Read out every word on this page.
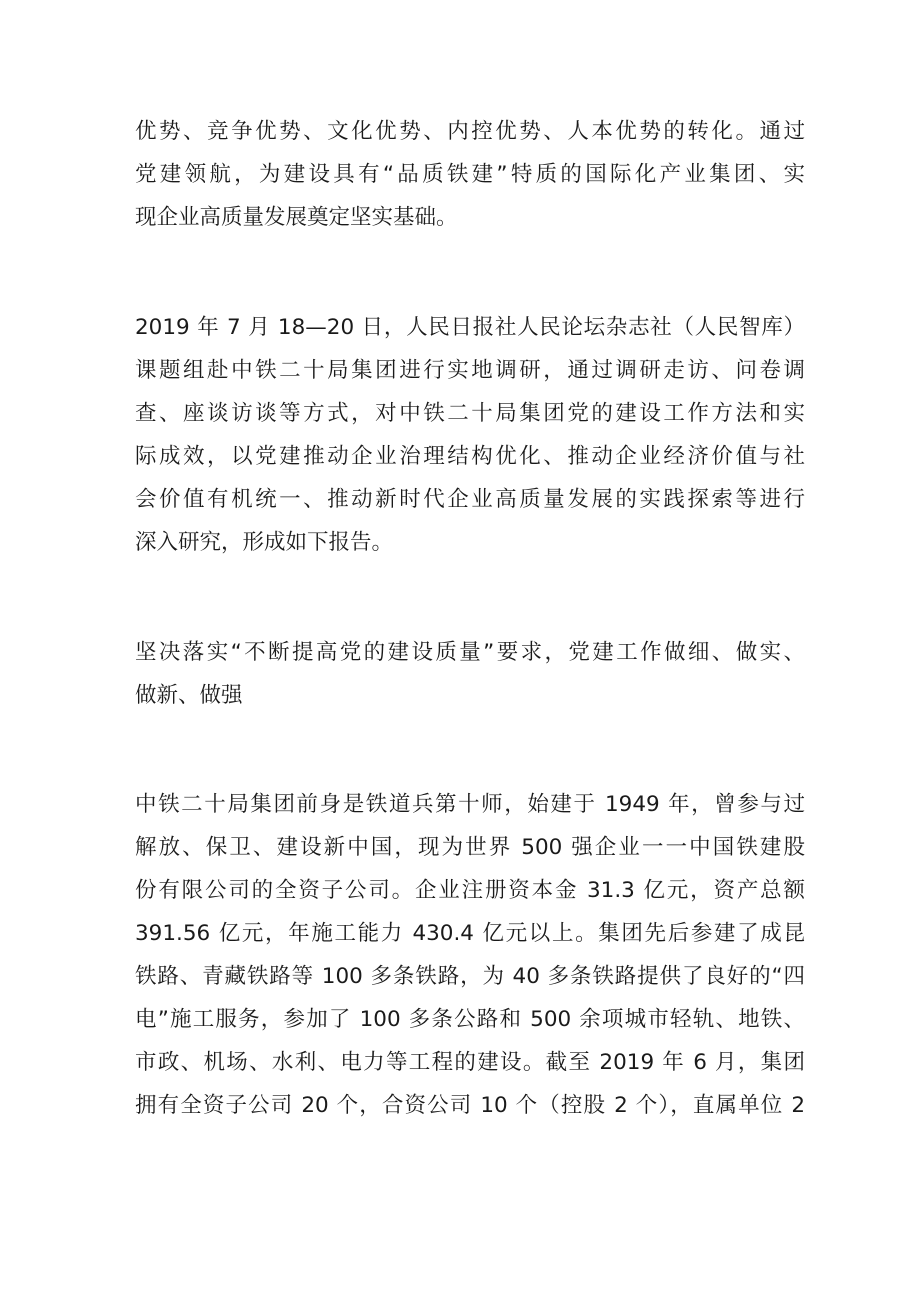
优势、竞争优势、文化优势、内控优势、人本优势的转化。通过
党建领航，为建设具有“品质铁建”特质的国际化产业集团、实
现企业高质量发展奠定坚实基础。
2019 年 7 月 18—20 日，人民日报社人民论坛杂志社（人民智库）
课题组赴中铁二十局集团进行实地调研，通过调研走访、问卷调
查、座谈访谈等方式，对中铁二十局集团党的建设工作方法和实
际成效，以党建推动企业治理结构优化、推动企业经济价值与社
会价值有机统一、推动新时代企业高质量发展的实践探索等进行
深入研究，形成如下报告。
坚决落实“不断提高党的建设质量”要求，党建工作做细、做实、
做新、做强
中铁二十局集团前身是铁道兵第十师，始建于 1949 年，曾参与过
解放、保卫、建设新中国，现为世界 500 强企业一一中国铁建股
份有限公司的全资子公司。企业注册资本金 31.3 亿元，资产总额
391.56 亿元，年施工能力 430.4 亿元以上。集团先后参建了成昆
铁路、青藏铁路等 100 多条铁路，为 40 多条铁路提供了良好的“四
电”施工服务，参加了 100 多条公路和 500 余项城市轻轨、地铁、
市政、机场、水利、电力等工程的建设。截至 2019 年 6 月，集团
拥有全资子公司 20 个，合资公司 10 个（控股 2 个），直属单位 2
